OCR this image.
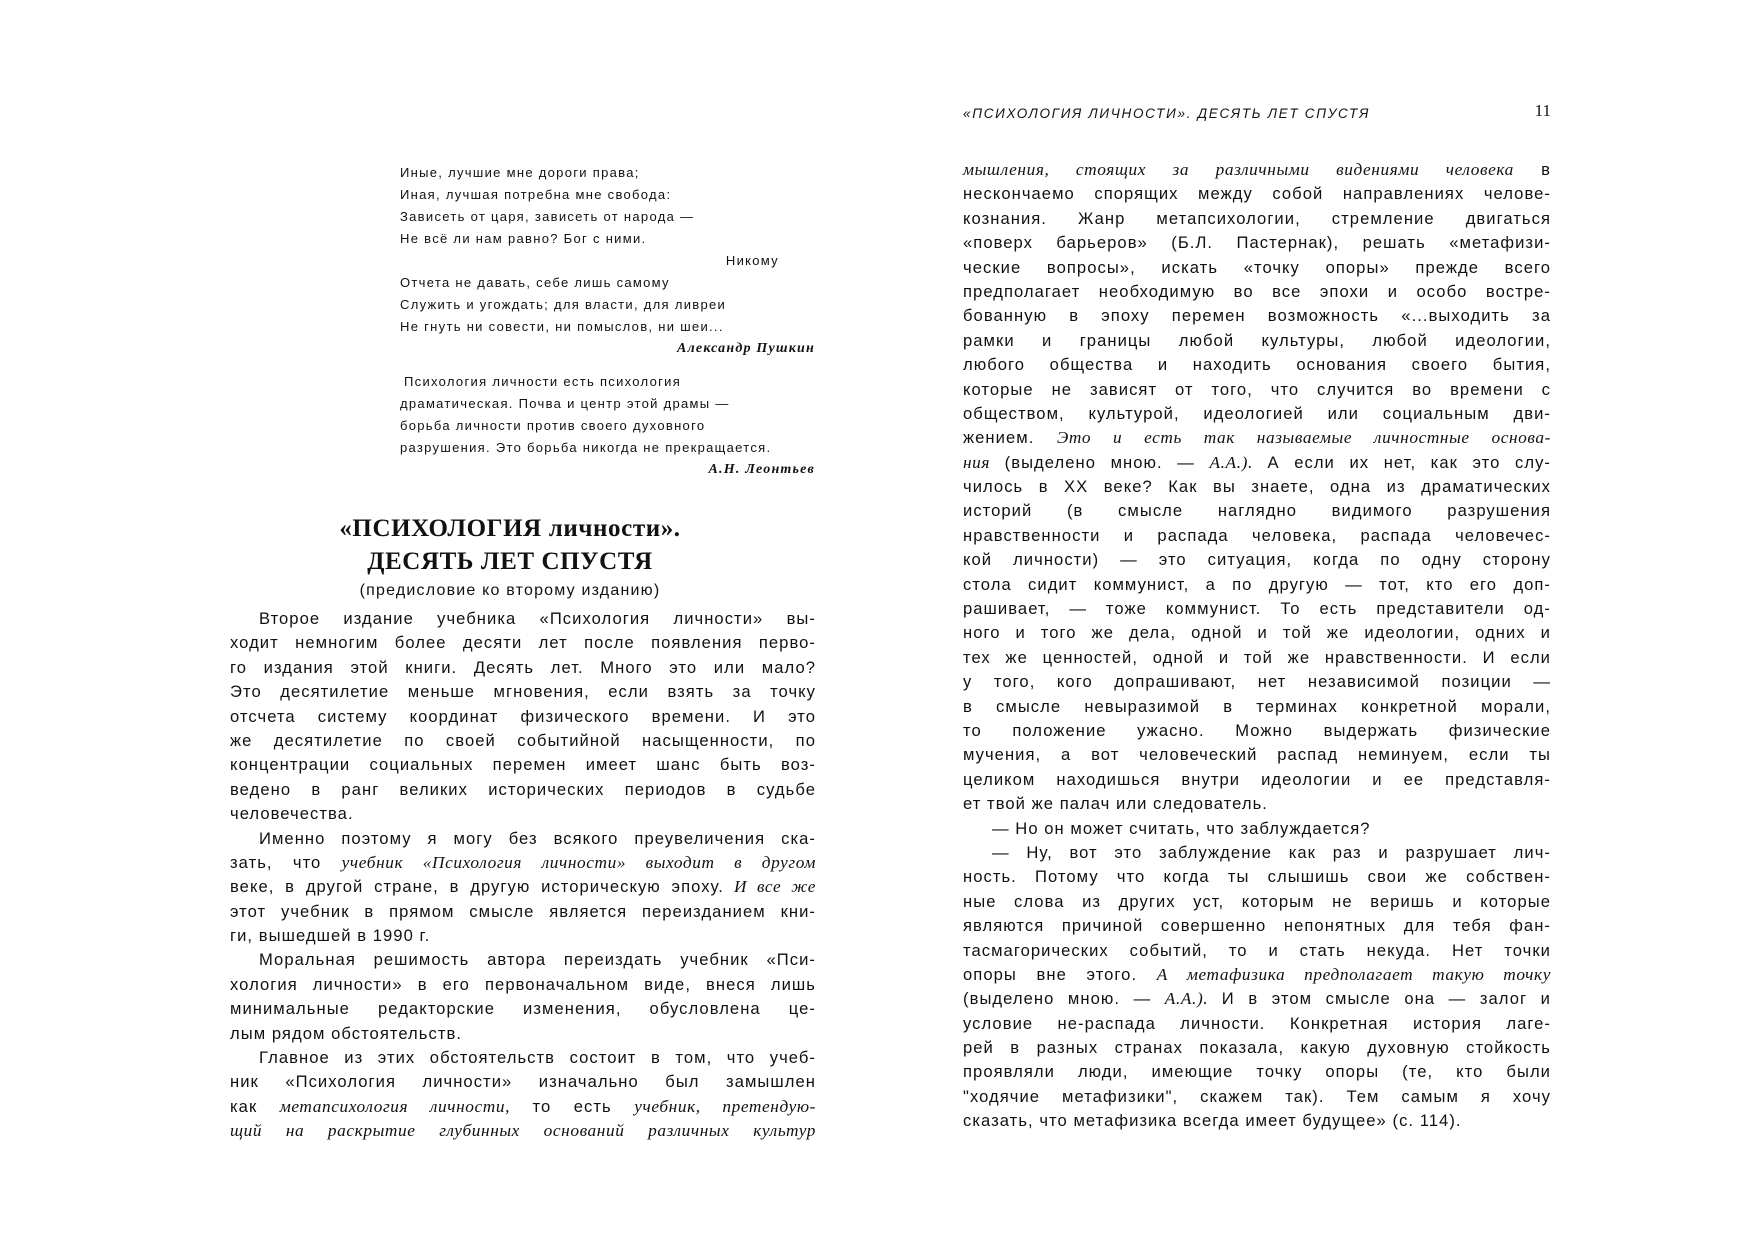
Иные, лучшие мне дороги права;
Иная, лучшая потребна мне свобода:
Зависеть от царя, зависеть от народа —
Не всё ли нам равно? Бог с ними.
Никому
Отчета не давать, себе лишь самому
Служить и угождать; для власти, для ливреи
Не гнуть ни совести, ни помыслов, ни шеи...
Александр Пушкин
Психология личности есть психология
драматическая. Почва и центр этой драмы —
борьба личности против своего духовного
разрушения. Это борьба никогда не прекращается.
А.Н. Леонтьев
«ПСИХОЛОГИЯ личности».
ДЕСЯТЬ ЛЕТ СПУСТЯ
(предисловие ко второму изданию)
Второе издание учебника «Психология личности» вы-
ходит немногим более десяти лет после появления перво-
го издания этой книги. Десять лет. Много это или мало?
Это десятилетие меньше мгновения, если взять за точку
отсчета систему координат физического времени. И это
же десятилетие по своей событийной насыщенности, по
концентрации социальных перемен имеет шанс быть воз-
ведено в ранг великих исторических периодов в судьбе
человечества.
Именно поэтому я могу без всякого преувеличения ска-
зать, что учебник «Психология личности» выходит в другом
веке, в другой стране, в другую историческую эпоху. И все же
этот учебник в прямом смысле является переизданием кни-
ги, вышедшей в 1990 г.
Моральная решимость автора переиздать учебник «Пси-
хология личности» в его первоначальном виде, внеся лишь
минимальные редакторские изменения, обусловлена це-
лым рядом обстоятельств.
Главное из этих обстоятельств состоит в том, что учеб-
ник «Психология личности» изначально был замышлен
как метапсихология личности, то есть учебник, претендую-
щий на раскрытие глубинных оснований различных культур
«ПСИХОЛОГИЯ ЛИЧНОСТИ». ДЕСЯТЬ ЛЕТ СПУСТЯ	11
мышления, стоящих за различными видениями человека в
нескончаемо спорящих между собой направлениях челове-
кознания. Жанр метапсихологии, стремление двигаться
«поверх барьеров» (Б.Л. Пастернак), решать «метафизи-
ческие вопросы», искать «точку опоры» прежде всего
предполагает необходимую во все эпохи и особо востре-
бованную в эпоху перемен возможность «...выходить за
рамки и границы любой культуры, любой идеологии,
любого общества и находить основания своего бытия,
которые не зависят от того, что случится во времени с
обществом, культурой, идеологией или социальным дви-
жением. Это и есть так называемые личностные основа-
ния (выделено мною. — А.А.). А если их нет, как это слу-
чилось в XX веке? Как вы знаете, одна из драматических
историй (в смысле наглядно видимого разрушения
нравственности и распада человека, распада человечес-
кой личности) — это ситуация, когда по одну сторону
стола сидит коммунист, а по другую — тот, кто его доп-
рашивает, — тоже коммунист. То есть представители од-
ного и того же дела, одной и той же идеологии, одних и
тех же ценностей, одной и той же нравственности. И если
у того, кого допрашивают, нет независимой позиции —
в смысле невыразимой в терминах конкретной морали,
то положение ужасно. Можно выдержать физические
мучения, а вот человеческий распад неминуем, если ты
целиком находишься внутри идеологии и ее представля-
ет твой же палач или следователь.
— Но он может считать, что заблуждается?
— Ну, вот это заблуждение как раз и разрушает лич-
ность. Потому что когда ты слышишь свои же собствен-
ные слова из других уст, которым не веришь и которые
являются причиной совершенно непонятных для тебя фан-
тасмагорических событий, то и стать некуда. Нет точки
опоры вне этого. А метафизика предполагает такую точку
(выделено мною. — А.А.). И в этом смысле она — залог и
условие не-распада личности. Конкретная история лаге-
рей в разных странах показала, какую духовную стойкость
проявляли люди, имеющие точку опоры (те, кто были
"ходячие метафизики", скажем так). Тем самым я хочу
сказать, что метафизика всегда имеет будущее» (с. 114).
